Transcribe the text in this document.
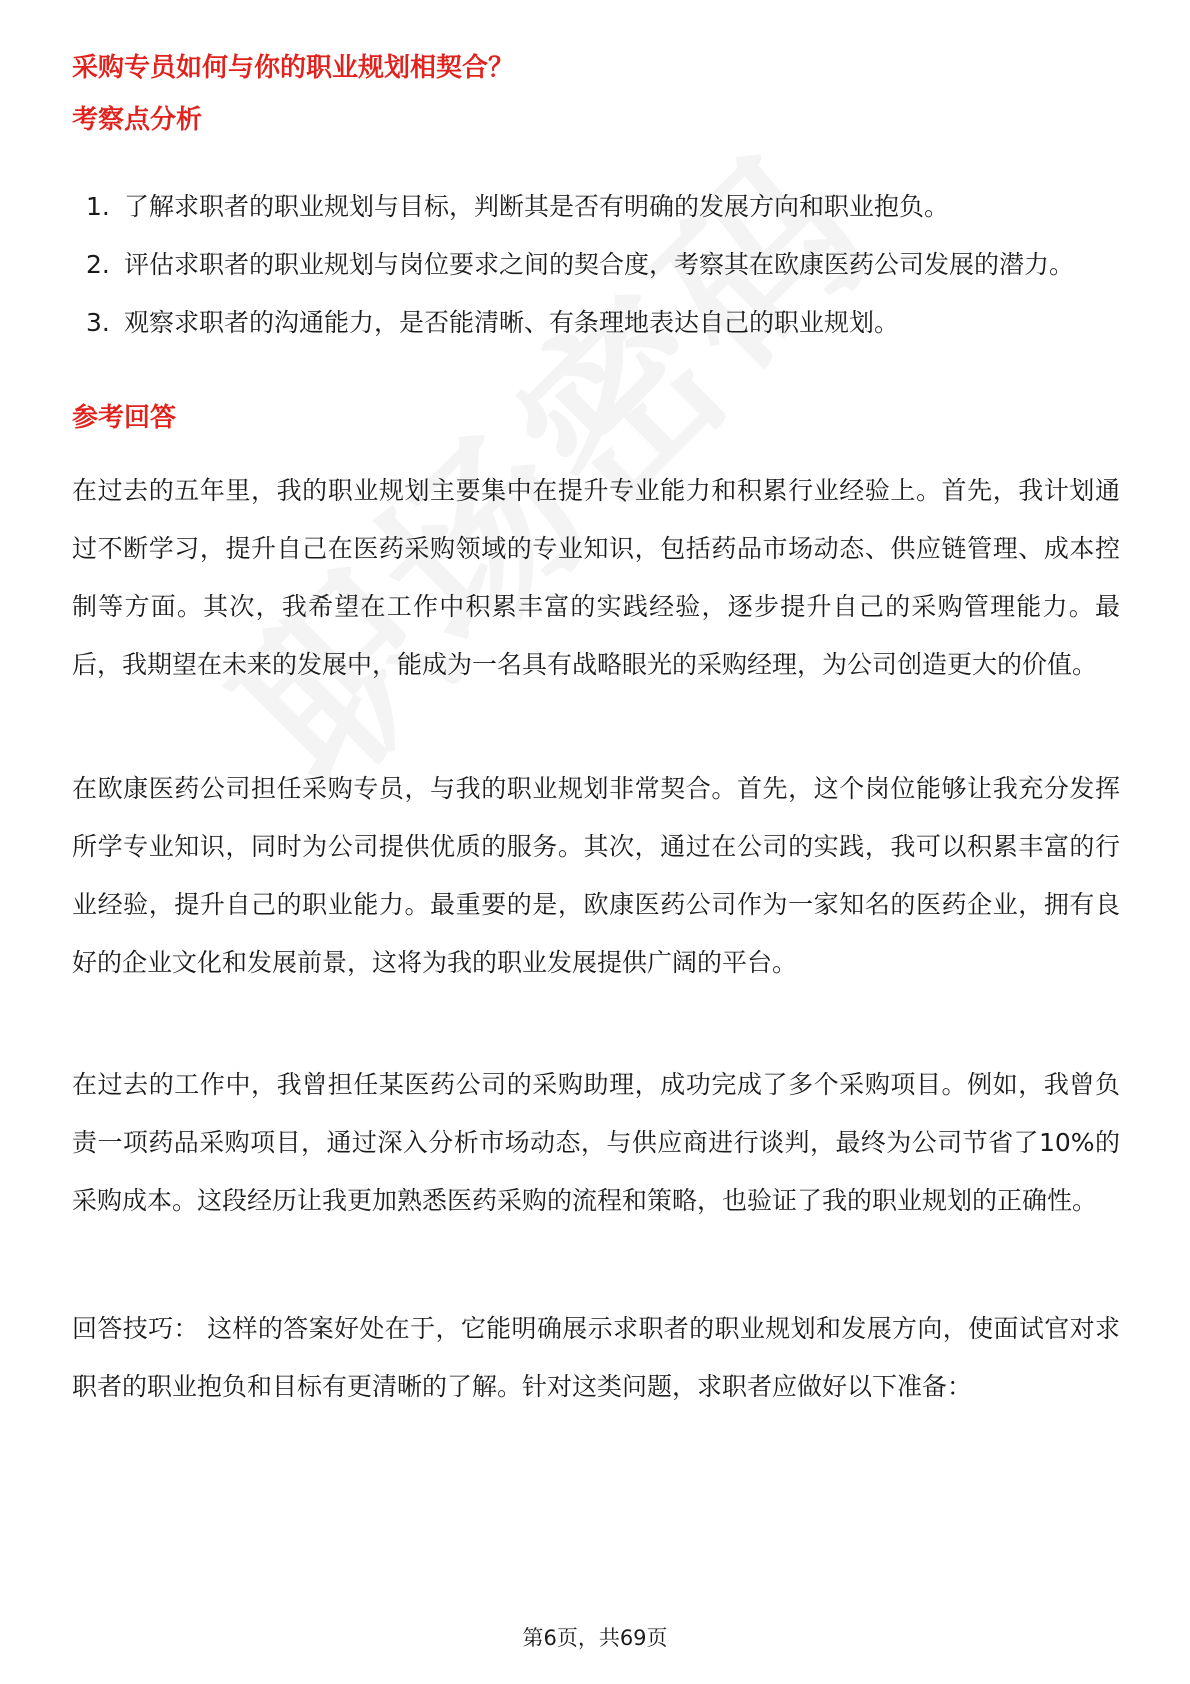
采购专员如何与你的职业规划相契合？
考察点分析
1. 了解求职者的职业规划与目标，判断其是否有明确的发展方向和职业抱负。
2. 评估求职者的职业规划与岗位要求之间的契合度，考察其在欧康医药公司发展的潜力。
3. 观察求职者的沟通能力，是否能清晰、有条理地表达自己的职业规划。
参考回答

在过去的五年里，我的职业规划主要集中在提升专业能力和积累行业经验上。首先，我计划通过不断学习，提升自己在医药采购领域的专业知识，包括药品市场动态、供应链管理、成本控制等方面。其次，我希望在工作中积累丰富的实践经验，逐步提升自己的采购管理能力。最后，我期望在未来的发展中，能成为一名具有战略眼光的采购经理，为公司创造更大的价值。

在欧康医药公司担任采购专员，与我的职业规划非常契合。首先，这个岗位能够让我充分发挥所学专业知识，同时为公司提供优质的服务。其次，通过在公司的实践，我可以积累丰富的行业经验，提升自己的职业能力。最重要的是，欧康医药公司作为一家知名的医药企业，拥有良好的企业文化和发展前景，这将为我的职业发展提供广阔的平台。

在过去的工作中，我曾担任某医药公司的采购助理，成功完成了多个采购项目。例如，我曾负责一项药品采购项目，通过深入分析市场动态，与供应商进行谈判，最终为公司节省了10%的采购成本。这段经历让我更加熟悉医药采购的流程和策略，也验证了我的职业规划的正确性。

回答技巧： 这样的答案好处在于，它能明确展示求职者的职业规划和发展方向，使面试官对求职者的职业抱负和目标有更清晰的了解。针对这类问题，求职者应做好以下准备：

第6页，共69页
